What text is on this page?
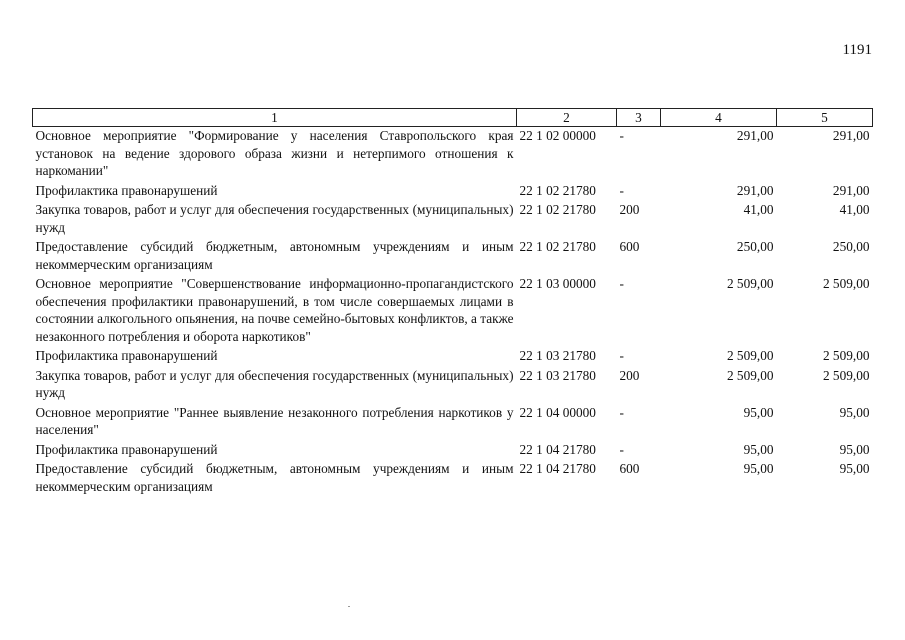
1191
1	2	3	4	5
Основное мероприятие "Формирование у населения Ставропольского края установок на ведение здорового образа жизни и нетерпимого отношения к наркомании"	22 1 02 00000	-	291,00	291,00
Профилактика правонарушений	22 1 02 21780	-	291,00	291,00
Закупка товаров, работ и услуг для обеспечения государственных (муниципальных) нужд	22 1 02 21780	200	41,00	41,00
Предоставление субсидий бюджетным, автономным учреждениям и иным некоммерческим организациям	22 1 02 21780	600	250,00	250,00
Основное мероприятие "Совершенствование информационно-пропагандистского обеспечения профилактики правонарушений, в том числе совершаемых лицами в состоянии алкогольного опьянения, на почве семейно-бытовых конфликтов, а также незаконного потребления и оборота наркотиков"	22 1 03 00000	-	2 509,00	2 509,00
Профилактика правонарушений	22 1 03 21780	-	2 509,00	2 509,00
Закупка товаров, работ и услуг для обеспечения государственных (муниципальных) нужд	22 1 03 21780	200	2 509,00	2 509,00
Основное мероприятие "Раннее выявление незаконного потребления наркотиков у населения"	22 1 04 00000	-	95,00	95,00
Профилактика правонарушений	22 1 04 21780	-	95,00	95,00
Предоставление субсидий бюджетным, автономным учреждениям и иным некоммерческим организациям	22 1 04 21780	600	95,00	95,00
